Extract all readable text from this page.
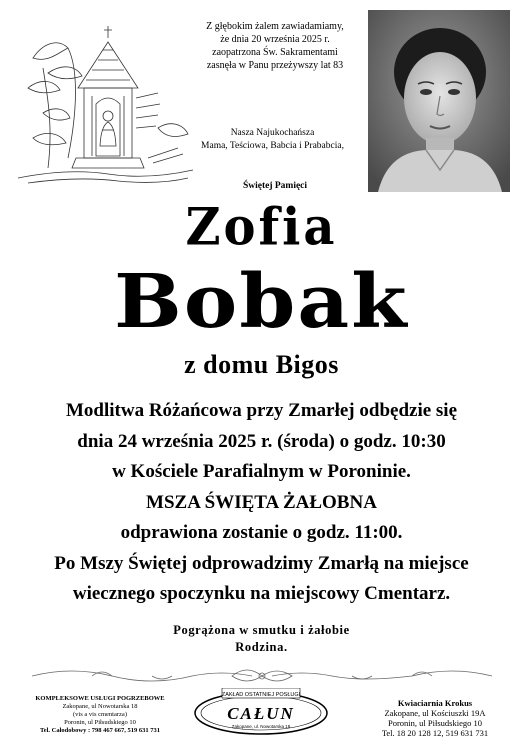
Z głębokim żalem zawiadamiamy,
że dnia 20 września 2025 r.
zaopatrzona Św. Sakramentami
zasnęła w Panu przeżywszy lat 83
Nasza Najukochańsza
Mama, Teściowa, Babcia i Prababcia,
Świętej Pamięci
Zofia
Bobak
z domu Bigos
Modlitwa Różańcowa przy Zmarłej odbędzie się
dnia 24 września 2025 r. (środa) o godz. 10:30
w Kościele Parafialnym w Poroninie.
MSZA ŚWIĘTA ŻAŁOBNA
odprawiona zostanie o godz. 11:00.
Po Mszy Świętej odprowadzimy Zmarłą na miejsce
wiecznego spoczynku na miejscowy Cmentarz.
Pogrążona w smutku i żałobie
Rodzina.
KOMPLEKSOWE USŁUGI POGRZEBOWE
Zakopane, ul Nowotarska 18
(vis a vis cmentarza)
Poronin, ul Piłsudskiego 10
Tel. Całodobowy : 798 467 667, 519 631 731
ZAKŁAD OSTATNIEJ POSŁUGI
CAŁUN
Zakopane, ul. Nowotarska 18
Kwiaciarnia Krokus
Zakopane, ul Kościuszki 19A
Poronin, ul Piłsudskiego 10
Tel. 18 20 128 12, 519 631 731
